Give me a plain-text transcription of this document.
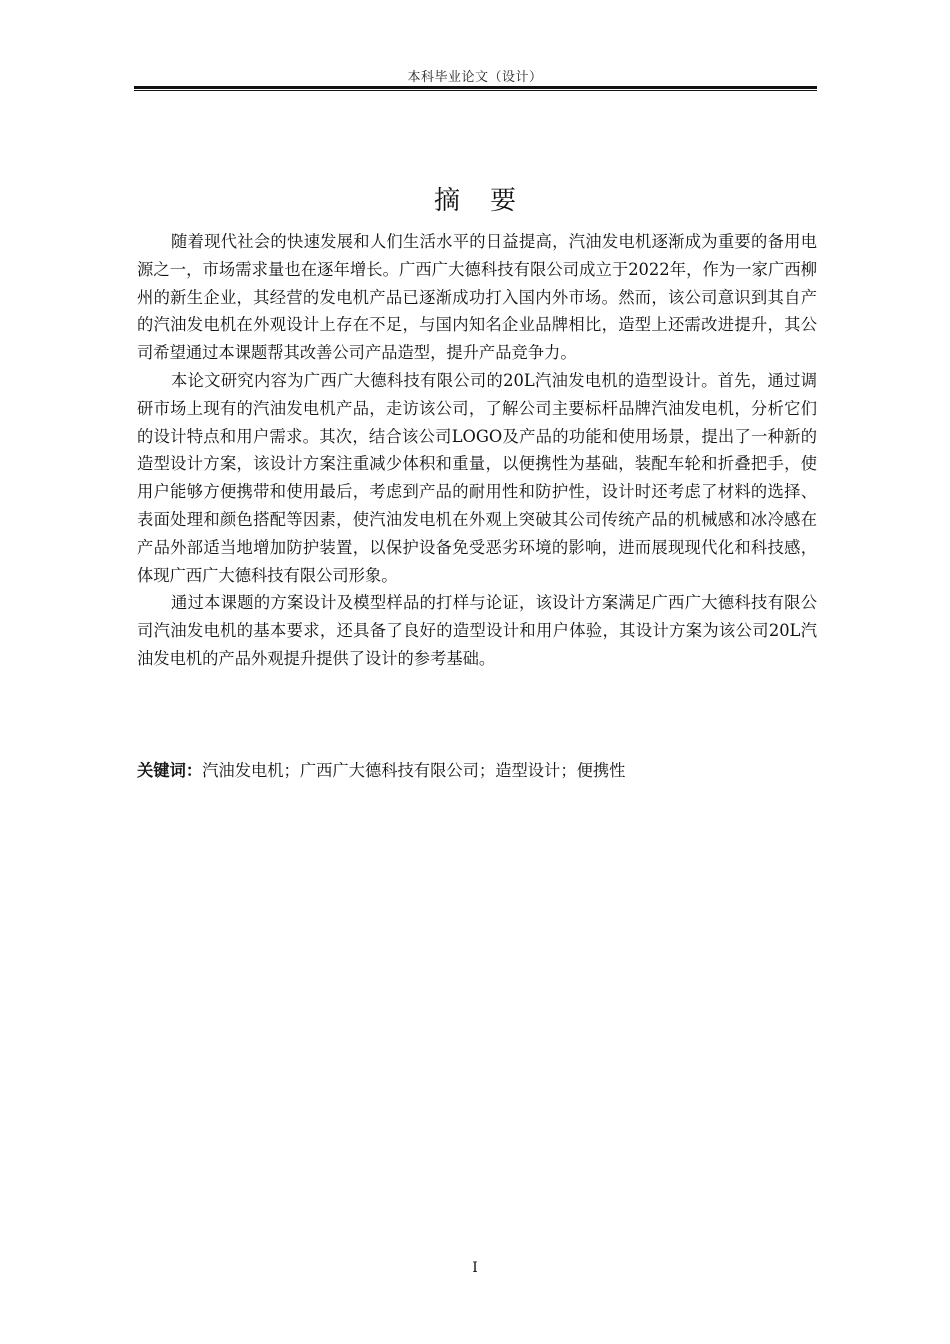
本科毕业论文（设计）
摘 要

随着现代社会的快速发展和人们生活水平的日益提高，汽油发电机逐渐成为重要的备用电源之一，市场需求量也在逐年增长。广西广大德科技有限公司成立于2022年，作为一家广西柳州的新生企业，其经营的发电机产品已逐渐成功打入国内外市场。然而，该公司意识到其自产的汽油发电机在外观设计上存在不足，与国内知名企业品牌相比，造型上还需改进提升，其公司希望通过本课题帮其改善公司产品造型，提升产品竞争力。

本论文研究内容为广西广大德科技有限公司的20L汽油发电机的造型设计。首先，通过调研市场上现有的汽油发电机产品，走访该公司，了解公司主要标杆品牌汽油发电机，分析它们的设计特点和用户需求。其次，结合该公司LOGO及产品的功能和使用场景，提出了一种新的造型设计方案，该设计方案注重减少体积和重量，以便携性为基础，装配车轮和折叠把手，使用户能够方便携带和使用最后，考虑到产品的耐用性和防护性，设计时还考虑了材料的选择、表面处理和颜色搭配等因素，使汽油发电机在外观上突破其公司传统产品的机械感和冰冷感在产品外部适当地增加防护装置，以保护设备免受恶劣环境的影响，进而展现现代化和科技感，体现广西广大德科技有限公司形象。

通过本课题的方案设计及模型样品的打样与论证，该设计方案满足广西广大德科技有限公司汽油发电机的基本要求，还具备了良好的造型设计和用户体验，其设计方案为该公司20L汽油发电机的产品外观提升提供了设计的参考基础。

关键词：汽油发电机；广西广大德科技有限公司；造型设计；便携性
I
